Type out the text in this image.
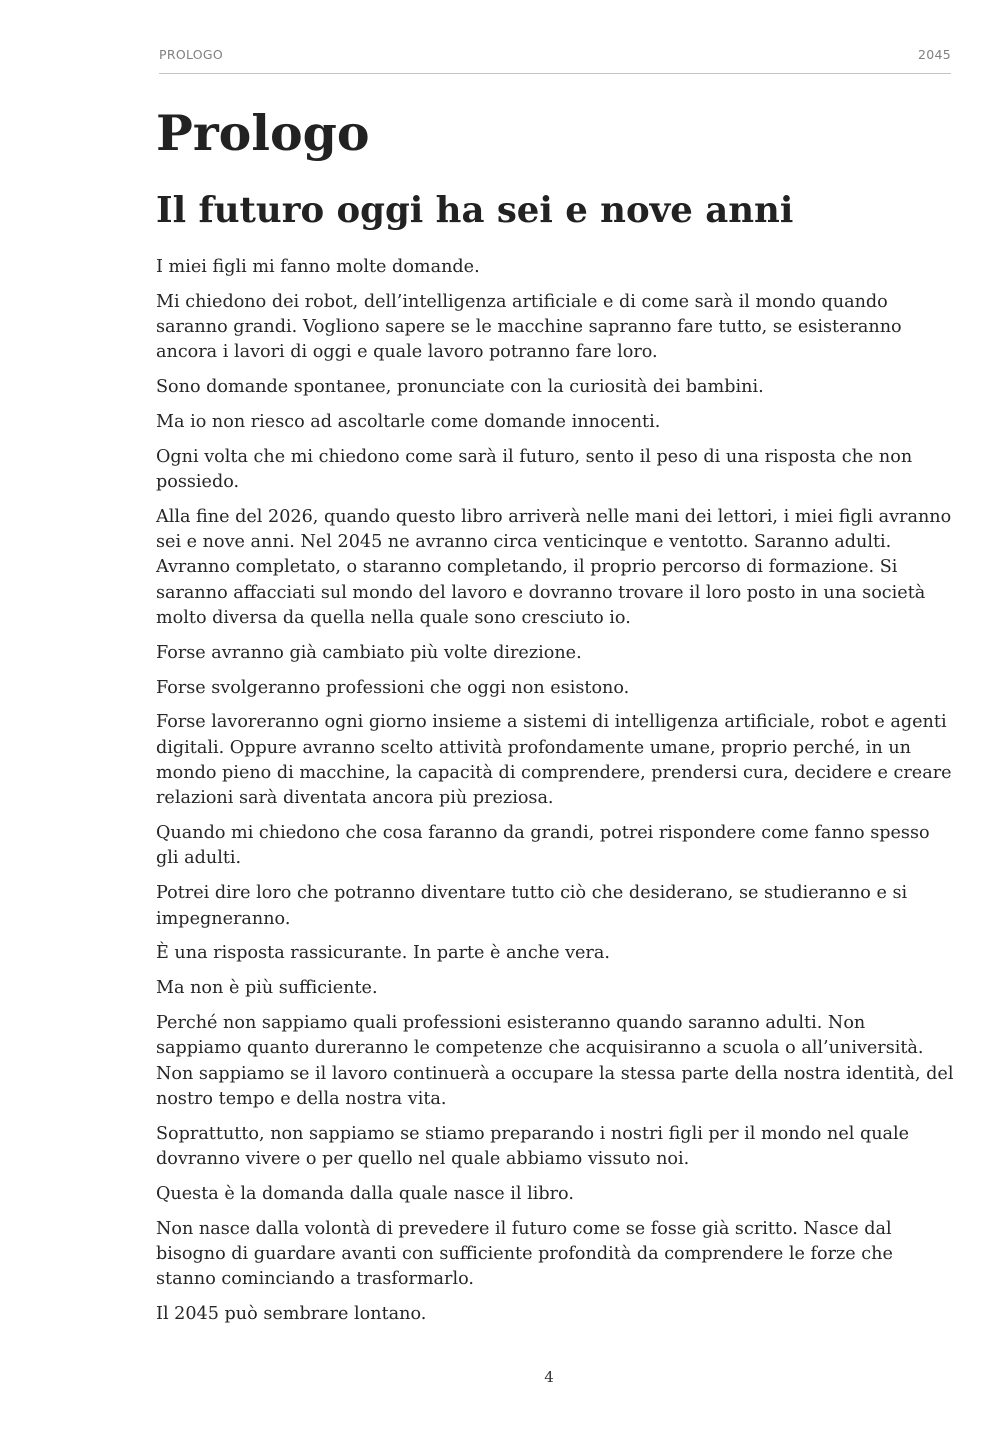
PROLOGO	2045
Prologo
Il futuro oggi ha sei e nove anni

I miei figli mi fanno molte domande.

Mi chiedono dei robot, dell’intelligenza artificiale e di come sarà il mondo quando saranno grandi. Vogliono sapere se le macchine sapranno fare tutto, se esisteranno ancora i lavori di oggi e quale lavoro potranno fare loro.

Sono domande spontanee, pronunciate con la curiosità dei bambini.

Ma io non riesco ad ascoltarle come domande innocenti.

Ogni volta che mi chiedono come sarà il futuro, sento il peso di una risposta che non possiedo.

Alla fine del 2026, quando questo libro arriverà nelle mani dei lettori, i miei figli avranno sei e nove anni. Nel 2045 ne avranno circa venticinque e ventotto. Saranno adulti. Avranno completato, o staranno completando, il proprio percorso di formazione. Si saranno affacciati sul mondo del lavoro e dovranno trovare il loro posto in una società molto diversa da quella nella quale sono cresciuto io.

Forse avranno già cambiato più volte direzione.

Forse svolgeranno professioni che oggi non esistono.

Forse lavoreranno ogni giorno insieme a sistemi di intelligenza artificiale, robot e agenti digitali. Oppure avranno scelto attività profondamente umane, proprio perché, in un mondo pieno di macchine, la capacità di comprendere, prendersi cura, decidere e creare relazioni sarà diventata ancora più preziosa.

Quando mi chiedono che cosa faranno da grandi, potrei rispondere come fanno spesso gli adulti.

Potrei dire loro che potranno diventare tutto ciò che desiderano, se studieranno e si impegneranno.

È una risposta rassicurante. In parte è anche vera.

Ma non è più sufficiente.

Perché non sappiamo quali professioni esisteranno quando saranno adulti. Non sappiamo quanto dureranno le competenze che acquisiranno a scuola o all’università. Non sappiamo se il lavoro continuerà a occupare la stessa parte della nostra identità, del nostro tempo e della nostra vita.

Soprattutto, non sappiamo se stiamo preparando i nostri figli per il mondo nel quale dovranno vivere o per quello nel quale abbiamo vissuto noi.

Questa è la domanda dalla quale nasce il libro.

Non nasce dalla volontà di prevedere il futuro come se fosse già scritto. Nasce dal bisogno di guardare avanti con sufficiente profondità da comprendere le forze che stanno cominciando a trasformarlo.

Il 2045 può sembrare lontano.

4
